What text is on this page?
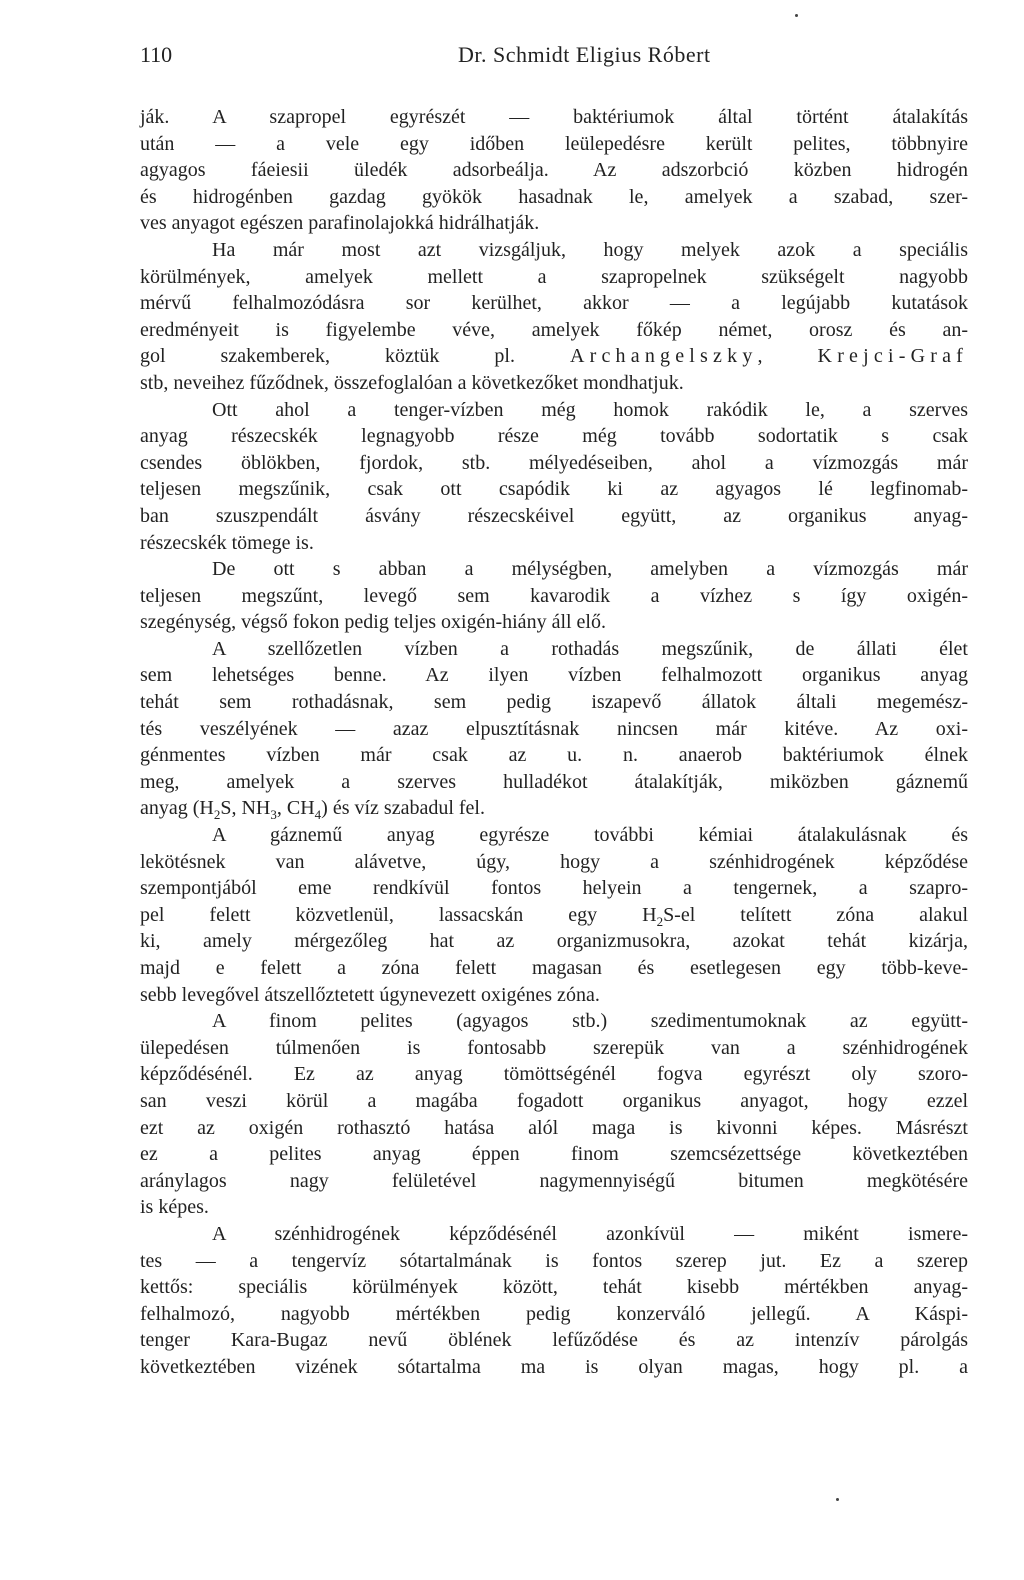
110	Dr. Schmidt Eligius Róbert
ják. A szapropel egyrészét — baktériumok által történt átalakítás
után — a vele egy időben leülepedésre került pelites, többnyire
agyagos fáeiesii üledék adsorbeálja. Az adszorbció közben hidrogén
és hidrogénben gazdag gyökök hasadnak le, amelyek a szabad, szer-
ves anyagot egészen parafinolajokká hidrálhatják.
Ha már most azt vizsgáljuk, hogy melyek azok a speciális
körülmények, amelyek mellett a szapropelnek szükségelt nagyobb
mérvű felhalmozódásra sor kerülhet, akkor — a legújabb kutatások
eredményeit is figyelembe véve, amelyek főkép német, orosz és an-
gol szakemberek, köztük pl.	Archangelszky, Krejci-Graf
stb, neveihez fűződnek, összefoglalóan a következőket mondhatjuk.
Ott ahol a tenger-vízben még homok rakódik le, a szerves
anyag részecskék legnagyobb része még tovább sodortatik s csak
csendes öblökben, fjordok, stb. mélyedéseiben, ahol a vízmozgás már
teljesen megszűnik, csak ott csapódik ki az agyagos lé legfinomab-
ban szuszpendált ásvány részecskéivel együtt, az organikus anyag-
részecskék tömege is.
De ott s abban a mélységben, amelyben a vízmozgás már
teljesen megszűnt, levegő sem kavarodik a vízhez s így oxigén-
szegénység, végső fokon pedig teljes oxigén-hiány áll elő.
A szellőzetlen vízben a rothadás megszűnik, de állati élet
sem lehetséges benne. Az ilyen vízben felhalmozott organikus anyag
tehát sem rothadásnak, sem pedig iszapevő állatok általi megemész-
tés veszélyének — azaz elpusztításnak nincsen már kitéve. Az oxi-
génmentes vízben már csak az u. n. anaerob baktériumok élnek
meg, amelyek a szerves hulladékot átalakítják, miközben gáznemű
anyag ($H_2S$, $NH_3$, $CH_4$) és víz szabadul fel.
A gáznemű anyag egyrésze további kémiai átalakulásnak és
lekötésnek van alávetve, úgy, hogy a szénhidrogének képződése
szempontjából eme rendkívül fontos helyein a tengernek, a szapro-
pel felett közvetlenül, lassacskán egy $H_2S-el$ telített zóna alakul
ki, amely mérgezőleg hat az organizmusokra, azokat tehát kizárja,
majd e felett a zóna felett magasan és esetlegesen egy több-keve-
sebb levegővel átszellőztetett úgynevezett oxigénes zóna.
A finom pelites (agyagos stb.) szedimentumoknak az együtt-
ülepedésen túlmenően is fontosabb szerepük van a szénhidrogének
képződésénél. Ez az anyag tömöttségénél fogva egyrészt oly szoro-
san veszi körül a magába fogadott organikus anyagot, hogy ezzel
ezt az oxigén rothasztó hatása alól maga is kivonni képes. Másrészt
ez a pelites anyag éppen finom szemcsézettsége következtében
aránylagos nagy felületével nagymennyiségű bitumen megkötésére
is képes.
A szénhidrogének képződésénél azonkívül — miként ismere-
tes — a tengervíz sótartalmának is fontos szerep jut. Ez a szerep
kettős: speciális körülmények között, tehát kisebb mértékben anyag-
felhalmozó, nagyobb mértékben pedig konzerváló jellegű. A Káspi-
tenger Kara-Bugaz nevű öblének lefűződése és az intenzív párolgás
következtében vizének sótartalma ma is olyan magas, hogy pl. a
